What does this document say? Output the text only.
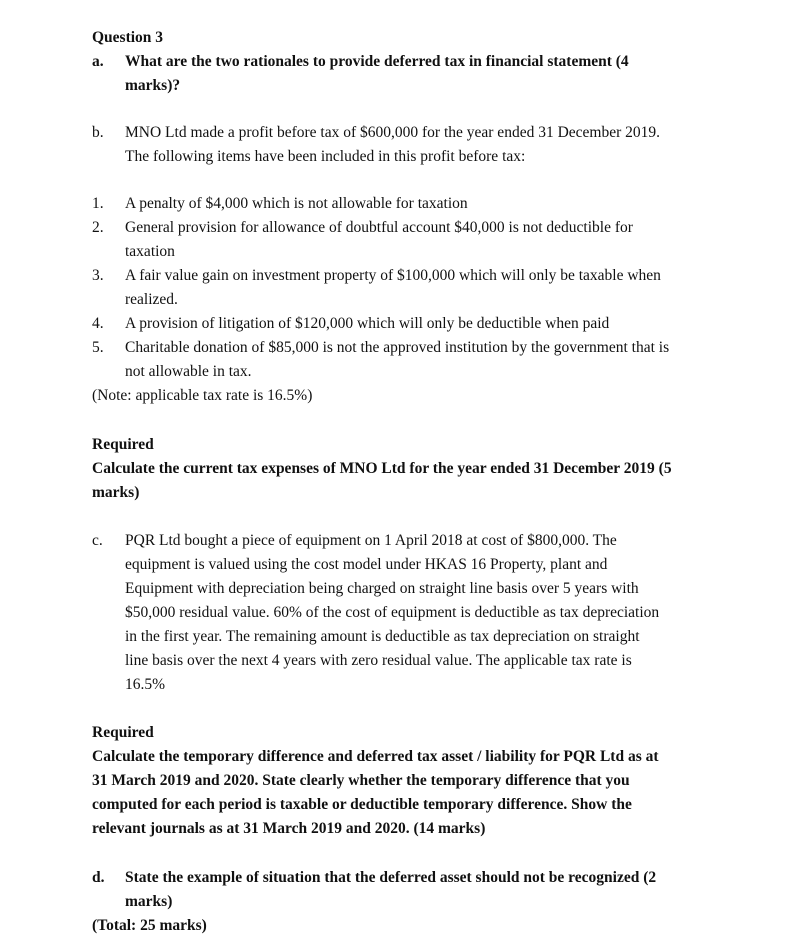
Question 3
a. What are the two rationales to provide deferred tax in financial statement (4
marks)?
b. MNO Ltd made a profit before tax of $600,000 for the year ended 31 December 2019.
The following items have been included in this profit before tax:
1. A penalty of $4,000 which is not allowable for taxation
2. General provision for allowance of doubtful account $40,000 is not deductible for
taxation
3. A fair value gain on investment property of $100,000 which will only be taxable when
realized.
4. A provision of litigation of $120,000 which will only be deductible when paid
5. Charitable donation of $85,000 is not the approved institution by the government that is
not allowable in tax.
(Note: applicable tax rate is 16.5%)
Required
Calculate the current tax expenses of MNO Ltd for the year ended 31 December 2019 (5
marks)
c. PQR Ltd bought a piece of equipment on 1 April 2018 at cost of $800,000. The
equipment is valued using the cost model under HKAS 16 Property, plant and
Equipment with depreciation being charged on straight line basis over 5 years with
$50,000 residual value. 60% of the cost of equipment is deductible as tax depreciation
in the first year. The remaining amount is deductible as tax depreciation on straight
line basis over the next 4 years with zero residual value. The applicable tax rate is
16.5%
Required
Calculate the temporary difference and deferred tax asset / liability for PQR Ltd as at
31 March 2019 and 2020. State clearly whether the temporary difference that you
computed for each period is taxable or deductible temporary difference. Show the
relevant journals as at 31 March 2019 and 2020. (14 marks)
d. State the example of situation that the deferred asset should not be recognized (2
marks)
(Total: 25 marks)
